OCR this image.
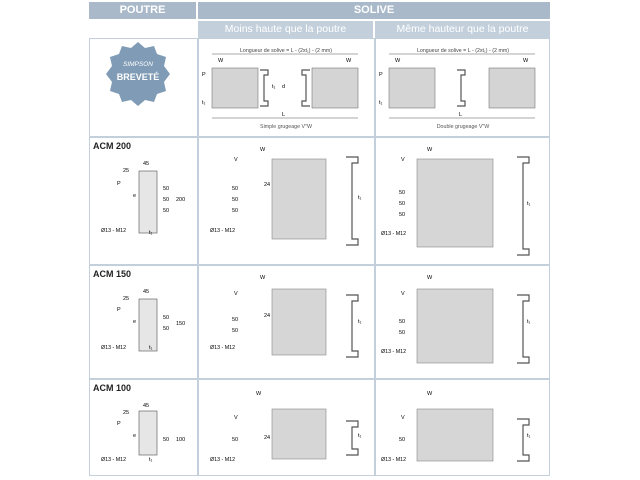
POUTRE	SOLIVE
Moins haute que la poutre	Même hauteur que la poutre
SIMPSON
BREVETÉ
Longueur de solive = L - (2xt₁) - (2 mm)
W	W
P
t₁ d
t₁
L
Simple grugeage V"W
Longueur de solive = L - (2xt₁) - (2 mm)
W	W
P
t₁
L
Double grugeage V"W
ACM 200
ACM 150
ACM 100
45
25
P
e
50
50
50
200
Ø13 - M12	t₁
W
V
24
50
50
50
Ø13 - M12
t₁
W
V
50
50
50
Ø13 - M12
t₁
45
25
P
e
50
50
150
Ø13 - M12	t₁
W
V
24
50
50
Ø13 - M12
t₁
W
V
50
50
Ø13 - M12
t₁
45
25
P
e
50 100
Ø13 - M12	t₁
W
V
24
50
Ø13 - M12
t₁
W
V
50
Ø13 - M12
t₁
